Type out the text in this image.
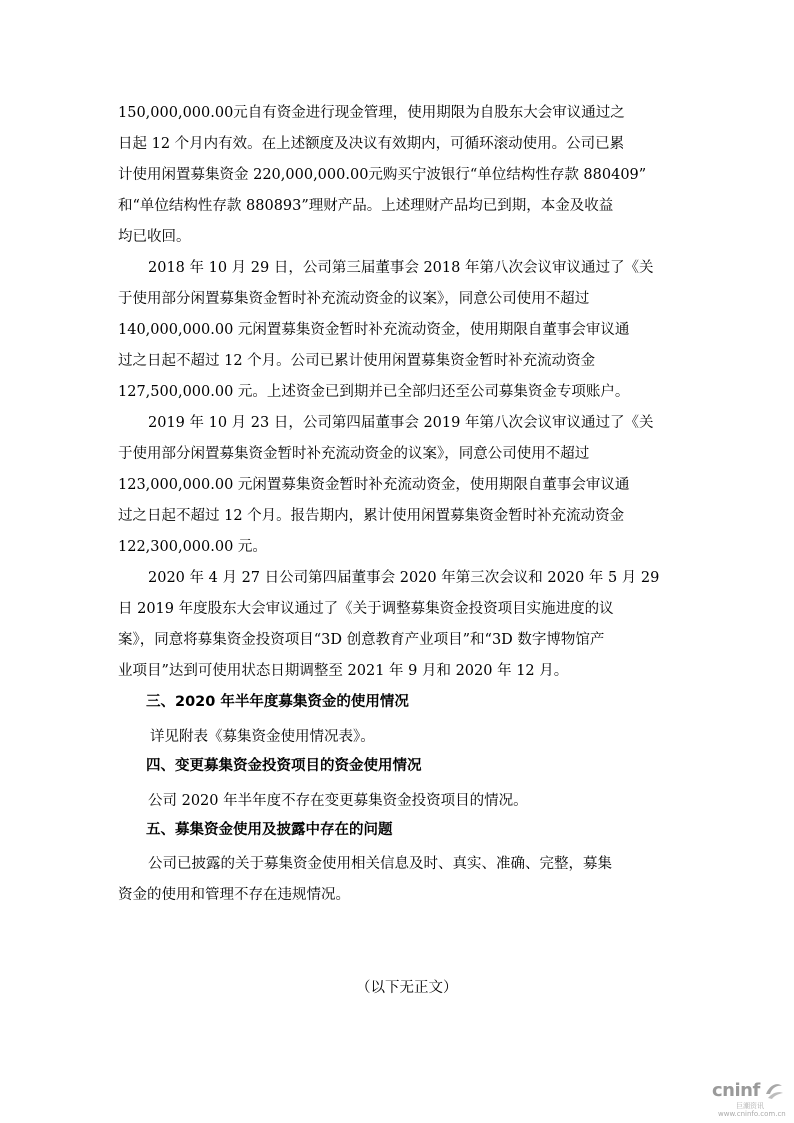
150,000,000.00元自有资金进行现金管理，使用期限为自股东大会审议通过之
日起 12 个月内有效。在上述额度及决议有效期内，可循环滚动使用。公司已累
计使用闲置募集资金 220,000,000.00元购买宁波银行“单位结构性存款 880409”
和“单位结构性存款 880893”理财产品。上述理财产品均已到期，本金及收益
均已收回。
2018 年 10 月 29 日，公司第三届董事会 2018 年第八次会议审议通过了《关
于使用部分闲置募集资金暂时补充流动资金的议案》，同意公司使用不超过
140,000,000.00 元闲置募集资金暂时补充流动资金，使用期限自董事会审议通
过之日起不超过 12 个月。公司已累计使用闲置募集资金暂时补充流动资金
127,500,000.00 元。上述资金已到期并已全部归还至公司募集资金专项账户。
2019 年 10 月 23 日，公司第四届董事会 2019 年第八次会议审议通过了《关
于使用部分闲置募集资金暂时补充流动资金的议案》，同意公司使用不超过
123,000,000.00 元闲置募集资金暂时补充流动资金，使用期限自董事会审议通
过之日起不超过 12 个月。报告期内，累计使用闲置募集资金暂时补充流动资金
122,300,000.00 元。
2020 年 4 月 27 日公司第四届董事会 2020 年第三次会议和 2020 年 5 月 29
日 2019 年度股东大会审议通过了《关于调整募集资金投资项目实施进度的议
案》，同意将募集资金投资项目“3D 创意教育产业项目”和“3D 数字博物馆产
业项目”达到可使用状态日期调整至 2021 年 9 月和 2020 年 12 月。
三、2020 年半年度募集资金的使用情况
详见附表《募集资金使用情况表》。
四、变更募集资金投资项目的资金使用情况
公司 2020 年半年度不存在变更募集资金投资项目的情况。
五、募集资金使用及披露中存在的问题
公司已披露的关于募集资金使用相关信息及时、真实、准确、完整，募集
资金的使用和管理不存在违规情况。
（以下无正文）
cninf
巨潮资讯
www.cninfo.com.cn
